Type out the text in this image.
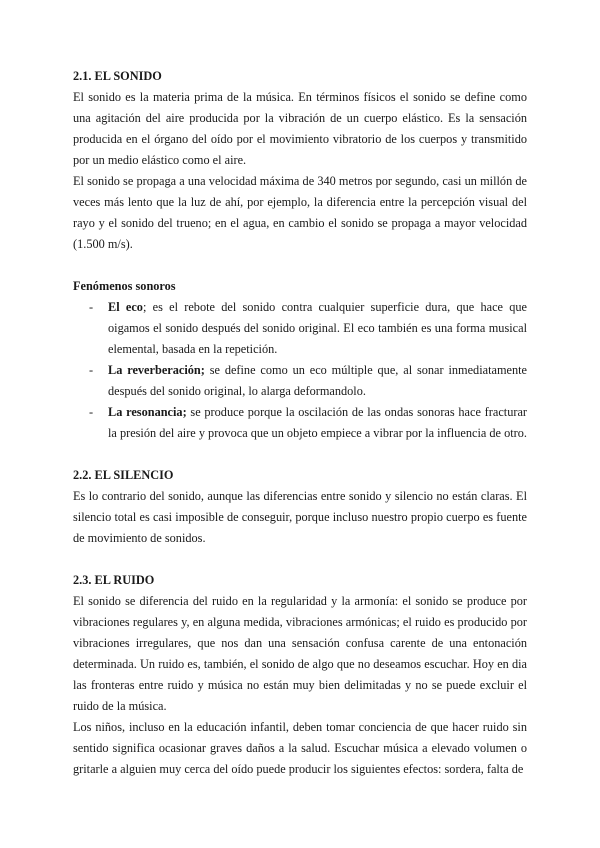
2.1. EL SONIDO

El sonido es la materia prima de la música. En términos físicos el sonido se define como una agitación del aire producida por la vibración de un cuerpo elástico. Es la sensación producida en el órgano del oído por el movimiento vibratorio de los cuerpos y transmitido por un medio elástico como el aire.

El sonido se propaga a una velocidad máxima de 340 metros por segundo, casi un millón de veces más lento que la luz de ahí, por ejemplo, la diferencia entre la percepción visual del rayo y el sonido del trueno; en el agua, en cambio el sonido se propaga a mayor velocidad (1.500 m/s).

Fenómenos sonoros

- El eco; es el rebote del sonido contra cualquier superficie dura, que hace que oigamos el sonido después del sonido original. El eco también es una forma musical elemental, basada en la repetición.
- La reverberación; se define como un eco múltiple que, al sonar inmediatamente después del sonido original, lo alarga deformandolo.
- La resonancia; se produce porque la oscilación de las ondas sonoras hace fracturar la presión del aire y provoca que un objeto empiece a vibrar por la influencia de otro.
2.2. EL SILENCIO

Es lo contrario del sonido, aunque las diferencias entre sonido y silencio no están claras. El silencio total es casi imposible de conseguir, porque incluso nuestro propio cuerpo es fuente de movimiento de sonidos.

2.3. EL RUIDO

El sonido se diferencia del ruido en la regularidad y la armonía: el sonido se produce por vibraciones regulares y, en alguna medida, vibraciones armónicas; el ruido es producido por vibraciones irregulares, que nos dan una sensación confusa carente de una entonación determinada. Un ruido es, también, el sonido de algo que no deseamos escuchar. Hoy en dia las fronteras entre ruido y música no están muy bien delimitadas y no se puede excluir el ruido de la música.

Los niños, incluso en la educación infantil, deben tomar conciencia de que hacer ruido sin sentido significa ocasionar graves daños a la salud. Escuchar música a elevado volumen o gritarle a alguien muy cerca del oído puede producir los siguientes efectos: sordera, falta de
